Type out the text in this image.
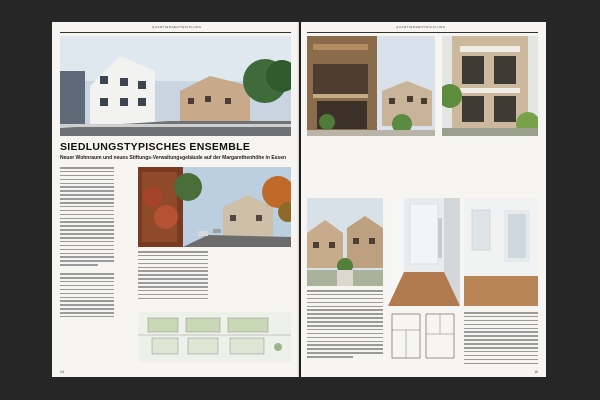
QUARTIERSENTWICKLUNG
SIEDLUNGSTYPISCHES ENSEMBLE
Neuer Wohnraum und neues Stiftungs-Verwaltungsgebäude auf der Margarethenhöhe in Essen
14
QUARTIERSENTWICKLUNG
15
